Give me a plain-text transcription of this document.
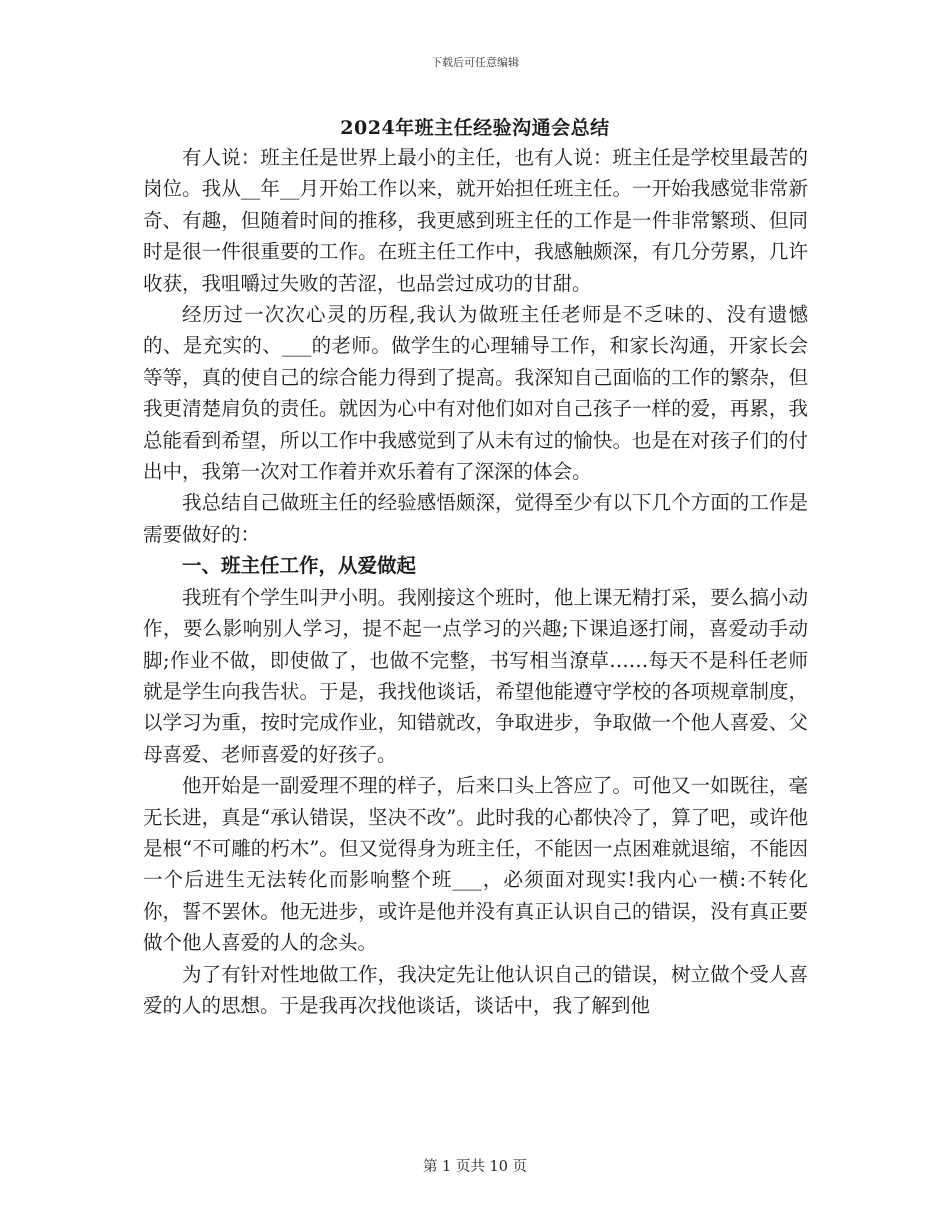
下载后可任意编辑
2024年班主任经验沟通会总结

有人说：班主任是世界上最小的主任，也有人说：班主任是学校里最苦的岗位。我从__年__月开始工作以来，就开始担任班主任。一开始我感觉非常新奇、有趣，但随着时间的推移，我更感到班主任的工作是一件非常繁琐、但同时是很一件很重要的工作。在班主任工作中，我感触颇深，有几分劳累，几许收获，我咀嚼过失败的苦涩，也品尝过成功的甘甜。

经历过一次次心灵的历程,我认为做班主任老师是不乏味的、没有遗憾的、是充实的、___的老师。做学生的心理辅导工作，和家长沟通，开家长会等等，真的使自己的综合能力得到了提高。我深知自己面临的工作的繁杂，但我更清楚肩负的责任。就因为心中有对他们如对自己孩子一样的爱，再累，我总能看到希望，所以工作中我感觉到了从未有过的愉快。也是在对孩子们的付出中，我第一次对工作着并欢乐着有了深深的体会。

我总结自己做班主任的经验感悟颇深，觉得至少有以下几个方面的工作是需要做好的：

一、班主任工作，从爱做起

我班有个学生叫尹小明。我刚接这个班时，他上课无精打采，要么搞小动作，要么影响别人学习，提不起一点学习的兴趣;下课追逐打闹，喜爱动手动脚;作业不做，即使做了，也做不完整，书写相当潦草……每天不是科任老师就是学生向我告状。于是，我找他谈话，希望他能遵守学校的各项规章制度，以学习为重，按时完成作业，知错就改，争取进步，争取做一个他人喜爱、父母喜爱、老师喜爱的好孩子。

他开始是一副爱理不理的样子，后来口头上答应了。可他又一如既往，毫无长进，真是“承认错误，坚决不改”。此时我的心都快冷了，算了吧，或许他是根“不可雕的朽木”。但又觉得身为班主任，不能因一点困难就退缩，不能因一个后进生无法转化而影响整个班___，必须面对现实!我内心一横:不转化你，誓不罢休。他无进步，或许是他并没有真正认识自己的错误，没有真正要做个他人喜爱的人的念头。

为了有针对性地做工作，我决定先让他认识自己的错误，树立做个受人喜爱的人的思想。于是我再次找他谈话，谈话中，我了解到他

第 1 页共 10 页
